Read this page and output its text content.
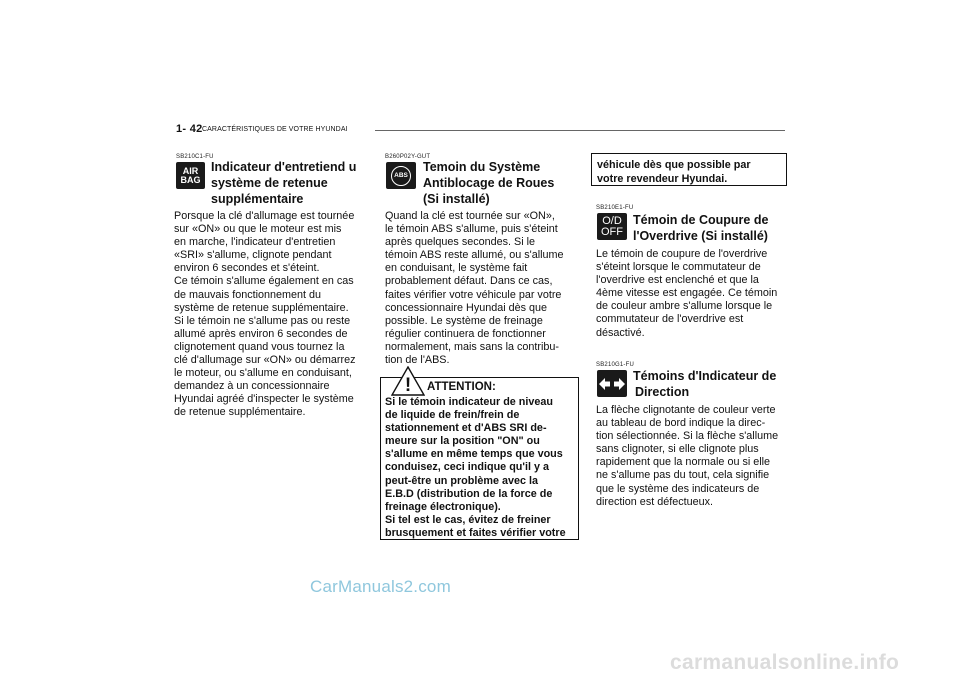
1- 42 CARACTÉRISTIQUES DE VOTRE HYUNDAI
SB210C1-FU
AIR
BAG
Indicateur d'entretiend u
système de retenue
supplémentaire
Porsque la clé d'allumage est tournée
sur «ON» ou que le moteur est mis
en marche, l'indicateur d'entretien
«SRI» s'allume, clignote pendant
environ 6 secondes et s'éteint.
Ce témoin s'allume également en cas
de mauvais fonctionnement du
système de retenue supplémentaire.
Si le témoin ne s'allume pas ou reste
allumé après environ 6 secondes de
clignotement quand vous tournez la
clé d'allumage sur «ON» ou démarrez
le moteur, ou s'allume en conduisant,
demandez à un concessionnaire
Hyundai agréé d'inspecter le système
de retenue supplémentaire.
B260P02Y-GUT
ABS
Temoin du Système
Antiblocage de Roues
(Si installé)
Quand la clé est tournée sur «ON»,
le témoin ABS s'allume, puis s'éteint
après quelques secondes. Si le
témoin ABS reste allumé, ou s'allume
en conduisant, le système fait
probablement défaut. Dans ce cas,
faites vérifier votre véhicule par votre
concessionnaire Hyundai dès que
possible. Le système de freinage
régulier continuera de fonctionner
normalement, mais sans la contribu-
tion de l'ABS.
! ATTENTION:
Si le témoin indicateur de niveau
de liquide de frein/frein de
stationnement et d'ABS SRI de-
meure sur la position "ON" ou
s'allume en même temps que vous
conduisez, ceci indique qu'il y a
peut-être un problème avec la
E.B.D (distribution de la force de
freinage électronique).
Si tel est le cas, évitez de freiner
brusquement et faites vérifier votre
véhicule dès que possible par
votre revendeur Hyundai.
SB210E1-FU
O/D
OFF
Témoin de Coupure de
l'Overdrive (Si installé)
Le témoin de coupure de l'overdrive
s'éteint lorsque le commutateur de
l'overdrive est enclenché et que la
4ème vitesse est engagée. Ce témoin
de couleur ambre s'allume lorsque le
commutateur de l'overdrive est
désactivé.
SB210G1-FU
Témoins d'Indicateur de
Direction
La flèche clignotante de couleur verte
au tableau de bord indique la direc-
tion sélectionnée. Si la flèche s'allume
sans clignoter, si elle clignote plus
rapidement que la normale ou si elle
ne s'allume pas du tout, cela signifie
que le système des indicateurs de
direction est défectueux.
CarManuals2.com
carmanualsonline.info
